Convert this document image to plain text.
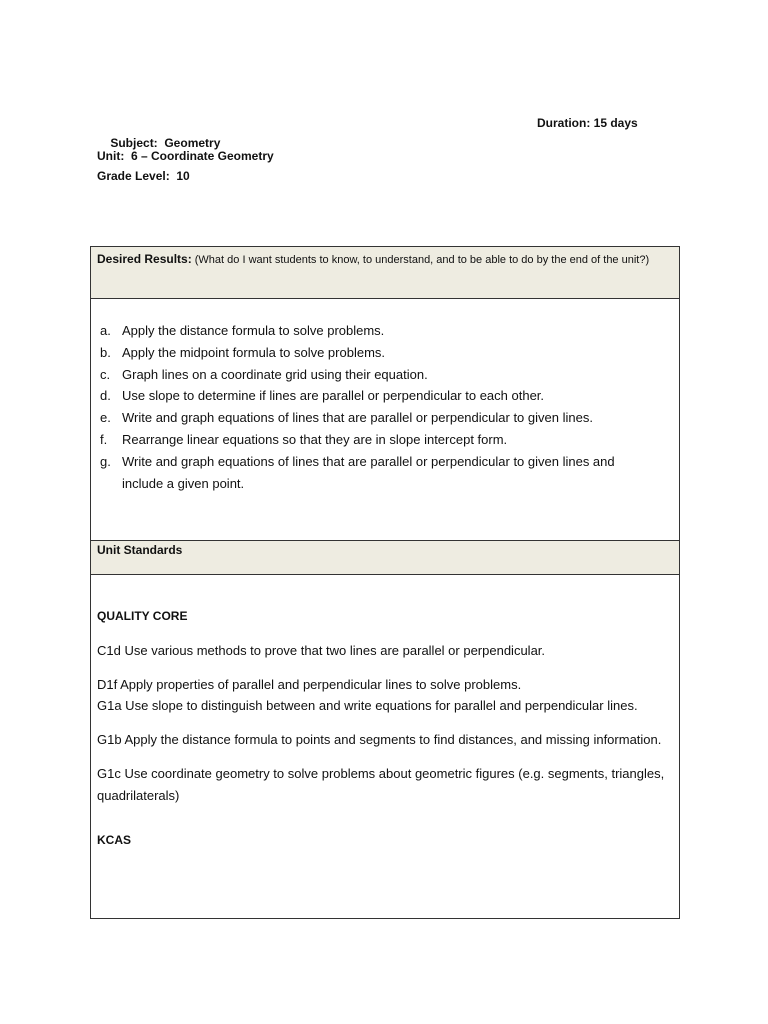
Subject:  Geometry

Duration: 15 days

Unit:  6 – Coordinate Geometry
Grade Level:  10
Desired Results: (What do I want students to know, to understand, and to be able to do by the end of the unit?)
a. Apply the distance formula to solve problems.
b. Apply the midpoint formula to solve problems.
c. Graph lines on a coordinate grid using their equation.
d. Use slope to determine if lines are parallel or perpendicular to each other.
e. Write and graph equations of lines that are parallel or perpendicular to given lines.
f. Rearrange linear equations so that they are in slope intercept form.
g. Write and graph equations of lines that are parallel or perpendicular to given lines and include a given point.
Unit Standards
QUALITY CORE

C1d Use various methods to prove that two lines are parallel or perpendicular.

D1f Apply properties of parallel and perpendicular lines to solve problems.

G1a Use slope to distinguish between and write equations for parallel and perpendicular lines.

G1b Apply the distance formula to points and segments to find distances, and missing information.

G1c Use coordinate geometry to solve problems about geometric figures (e.g. segments, triangles, quadrilaterals)

KCAS
